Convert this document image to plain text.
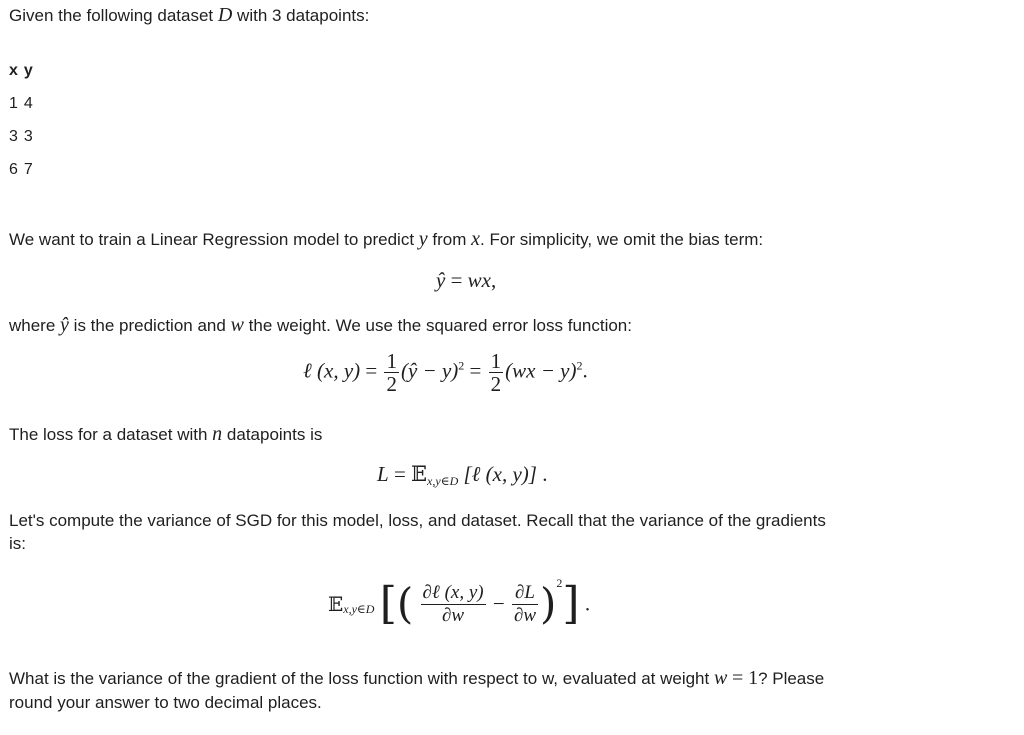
Given the following dataset D with 3 datapoints:
x	y
1	4
3	3
6	7
We want to train a Linear Regression model to predict y from x. For simplicity, we omit the bias term:
ŷ = wx,
where ŷ is the prediction and w the weight. We use the squared error loss function:
ℓ (x, $y) = \frac{1}{2}$ (ŷ − $y)^2 = \frac{1}{2} (wx - y)^2$.
The loss for a dataset with n datapoints is
L = 𝔼$_{x,y\in D}$ [ℓ (x, y)] .
Let's compute the variance of SGD for this model, loss, and dataset. Recall that the variance of the gradients
is:
𝔼$_{x,y\in D}$ [( $\frac{\text{∂ℓ (x, y)}}{\partial w} - \frac{\partial L}{\partial w} )^2$] .
What is the variance of the gradient of the loss function with respect to w, evaluated at weight w = 1? Please
round your answer to two decimal places.
